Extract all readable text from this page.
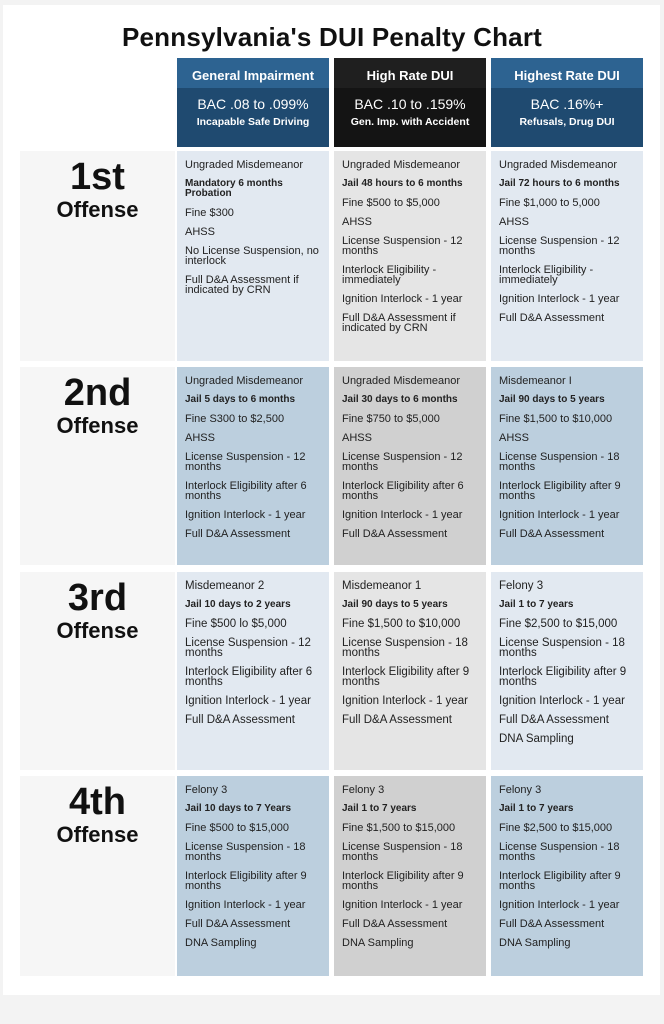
Pennsylvania's DUI Penalty Chart
General Impairment
BAC .08 to .099%
Incapable Safe Driving
High Rate DUI
BAC .10 to .159%
Gen. Imp. with Accident
Highest Rate DUI
BAC .16%+
Refusals, Drug DUI
1st
Offense
Ungraded Misdemeanor
Mandatory 6 months Probation
Fine $300
AHSS
No License Suspension, no interlock
Full D&A Assessment if indicated by CRN
Ungraded Misdemeanor
Jail 48 hours to 6 months
Fine $500 to $5,000
AHSS
License Suspension - 12 months
Interlock Eligibility - immediately
Ignition Interlock - 1 year
Full D&A Assessment if indicated by CRN
Ungraded Misdemeanor
Jail 72 hours to 6 months
Fine $1,000 to 5,000
AHSS
License Suspension - 12 months
Interlock Eligibility - immediately
Ignition Interlock - 1 year
Full D&A Assessment
2nd
Offense
Ungraded Misdemeanor
Jail 5 days to 6 months
Fine S300 to $2,500
AHSS
License Suspension - 12 months
Interlock Eligibility after 6 months
Ignition Interlock - 1 year
Full D&A Assessment
Ungraded Misdemeanor
Jail 30 days to 6 months
Fine $750 to $5,000
AHSS
License Suspension - 12 months
Interlock Eligibility after 6 months
Ignition Interlock - 1 year
Full D&A Assessment
Misdemeanor I
Jail 90 days to 5 years
Fine $1,500 to $10,000
AHSS
License Suspension - 18 months
Interlock Eligibility after 9 months
Ignition Interlock - 1 year
Full D&A Assessment
3rd
Offense
Misdemeanor 2
Jail 10 days to 2 years
Fine $500 lo $5,000
License Suspension - 12 months
Interlock Eligibility after 6 months
Ignition Interlock - 1 year
Full D&A Assessment
Misdemeanor 1
Jail 90 days to 5 years
Fine $1,500 to $10,000
License Suspension - 18 months
Interlock Eligibility after 9 months
Ignition Interlock - 1 year
Full D&A Assessment
Felony 3
Jail 1 to 7 years
Fine $2,500 to $15,000
License Suspension - 18 months
Interlock Eligibility after 9 months
Ignition Interlock - 1 year
Full D&A Assessment
DNA Sampling
4th
Offense
Felony 3
Jail 10 days to 7 Years
Fine $500 to $15,000
License Suspension - 18 months
Interlock Eligibility after 9 months
Ignition Interlock - 1 year
Full D&A Assessment
DNA Sampling
Felony 3
Jail 1 to 7 years
Fine $1,500 to $15,000
License Suspension - 18 months
Interlock Eligibility after 9 months
Ignition Interlock - 1 year
Full D&A Assessment
DNA Sampling
Felony 3
Jail 1 to 7 years
Fine $2,500 to $15,000
License Suspension - 18 months
Interlock Eligibility after 9 months
Ignition Interlock - 1 year
Full D&A Assessment
DNA Sampling
